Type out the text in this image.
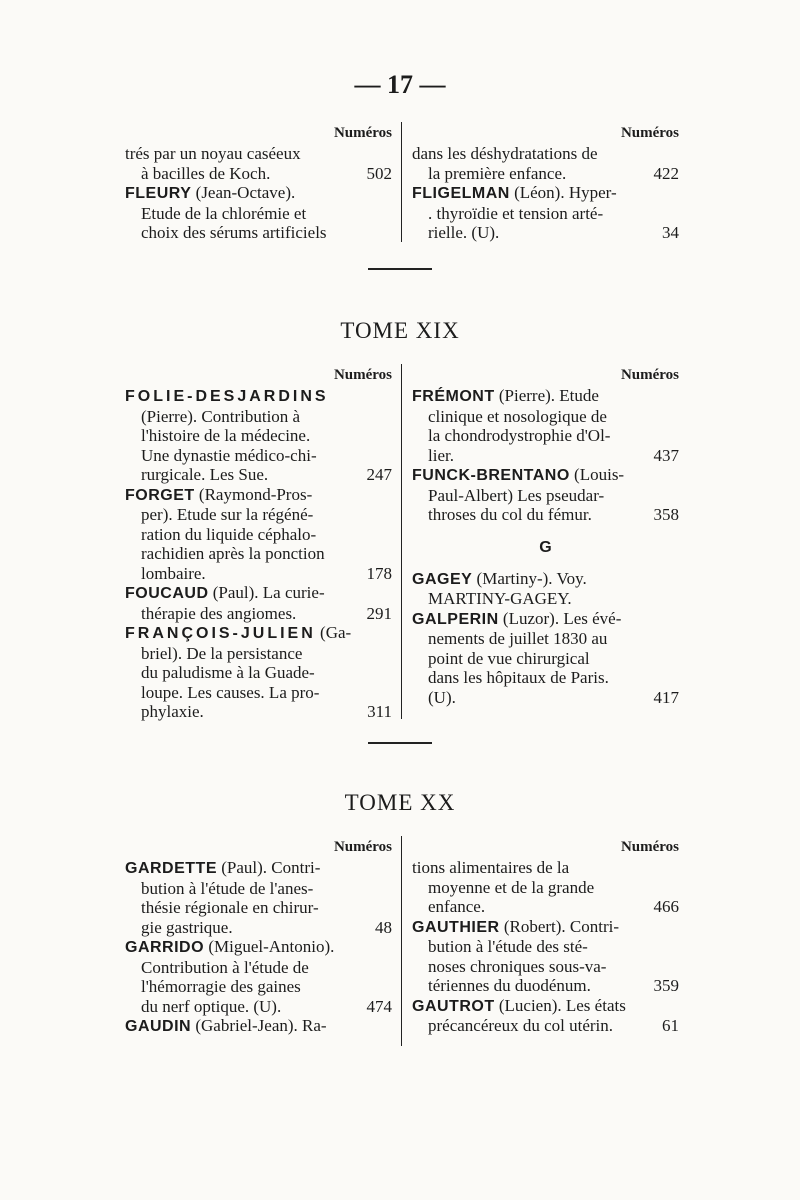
— 17 —
Numéros
trés par un noyau caséeux
à bacilles de Koch.	502
FLEURY (Jean-Octave).
Etude de la chlorémie et
choix des sérums artificiels
Numéros
dans les déshydratations de
la première enfance.	422
FLIGELMAN (Léon). Hyper-
. thyroïdie et tension arté-
rielle. (U).	34
TOME XIX
Numéros
FOLIE-DESJARDINS
(Pierre). Contribution à
l'histoire de la médecine.
Une dynastie médico-chi-
rurgicale. Les Sue.	247
FORGET (Raymond-Pros-
per). Etude sur la régéné-
ration du liquide céphalo-
rachidien après la ponction
lombaire.	178
FOUCAUD (Paul). La curie-
thérapie des angiomes.	291
FRANÇOIS-JULIEN (Ga-
briel). De la persistance
du paludisme à la Guade-
loupe. Les causes. La pro-
phylaxie.	311
Numéros
FRÉMONT (Pierre). Etude
clinique et nosologique de
la chondrodystrophie d'Ol-
lier.	437
FUNCK-BRENTANO (Louis-
Paul-Albert) Les pseudar-
throses du col du fémur.	358
G
GAGEY (Martiny-). Voy.
MARTINY-GAGEY.
GALPERIN (Luzor). Les évé-
nements de juillet 1830 au
point de vue chirurgical
dans les hôpitaux de Paris.
(U).	417
TOME XX
Numéros
GARDETTE (Paul). Contri-
bution à l'étude de l'anes-
thésie régionale en chirur-
gie gastrique.	48
GARRIDO (Miguel-Antonio).
Contribution à l'étude de
l'hémorragie des gaines
du nerf optique. (U).	474
GAUDIN (Gabriel-Jean). Ra-
Numéros
tions alimentaires de la
moyenne et de la grande
enfance.	466
GAUTHIER (Robert). Contri-
bution à l'étude des sté-
noses chroniques sous-va-
tériennes du duodénum.	359
GAUTROT (Lucien). Les états
précancéreux du col utérin.	61
